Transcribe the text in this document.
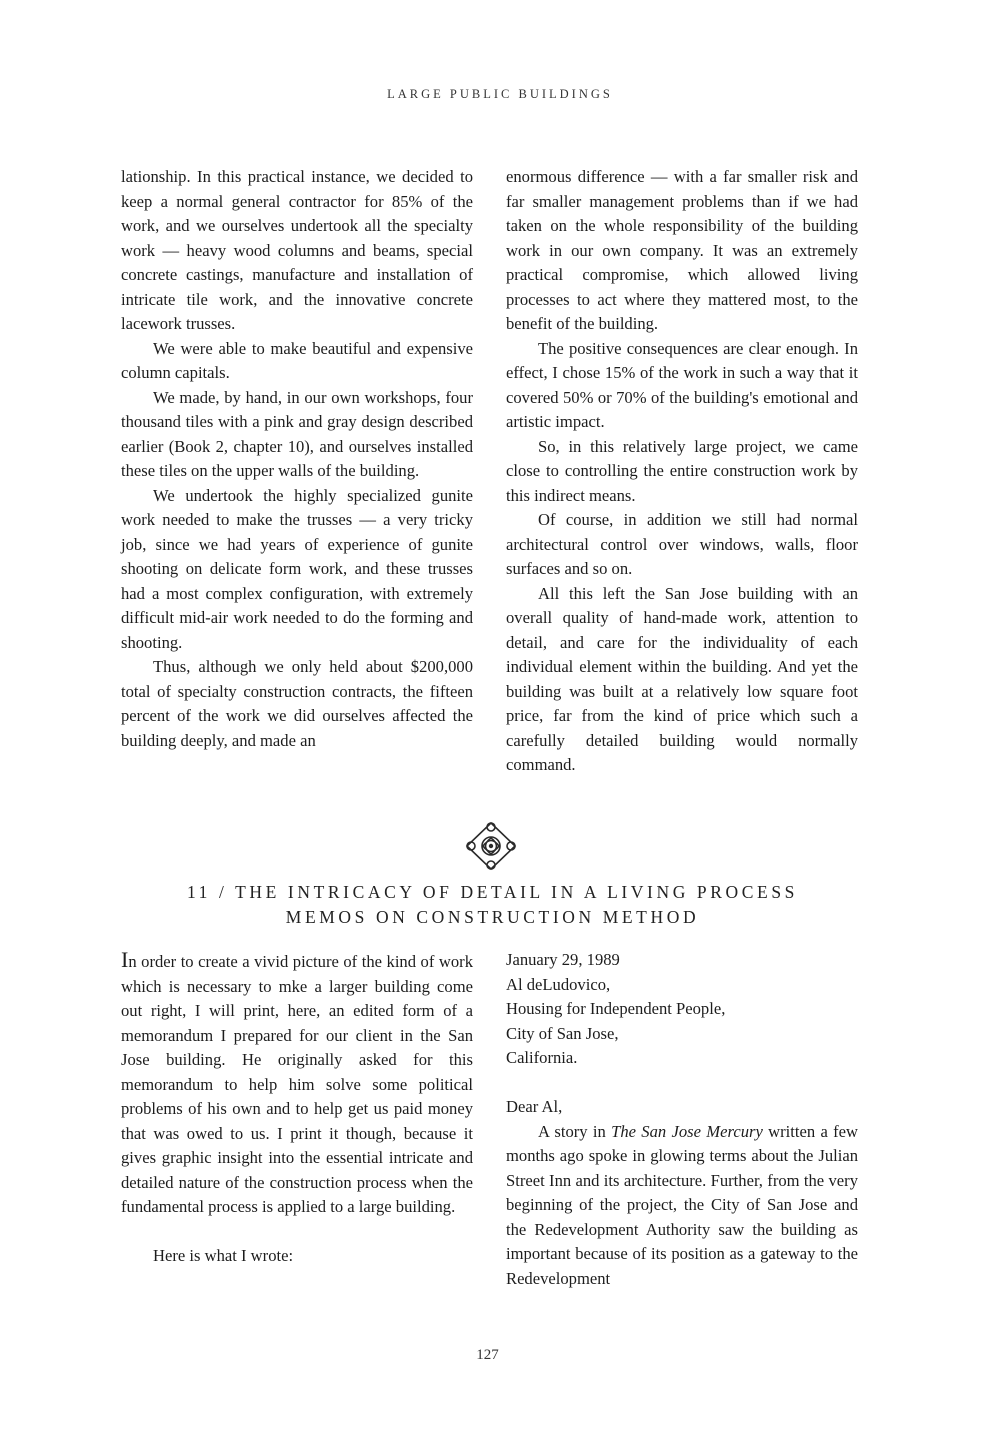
LARGE PUBLIC BUILDINGS

lationship. In this practical instance, we decided to keep a normal general contractor for 85% of the work, and we ourselves undertook all the specialty work — heavy wood columns and beams, special concrete castings, manufacture and installation of intricate tile work, and the innovative concrete lacework trusses.

We were able to make beautiful and expensive column capitals.

We made, by hand, in our own workshops, four thousand tiles with a pink and gray design described earlier (Book 2, chapter 10), and ourselves installed these tiles on the upper walls of the building.

We undertook the highly specialized gunite work needed to make the trusses — a very tricky job, since we had years of experience of gunite shooting on delicate form work, and these trusses had a most complex configuration, with extremely difficult mid-air work needed to do the forming and shooting.

Thus, although we only held about $200,000 total of specialty construction contracts, the fifteen percent of the work we did ourselves affected the building deeply, and made an

enormous difference — with a far smaller risk and far smaller management problems than if we had taken on the whole responsibility of the building work in our own company. It was an extremely practical compromise, which allowed living processes to act where they mattered most, to the benefit of the building.

The positive consequences are clear enough. In effect, I chose 15% of the work in such a way that it covered 50% or 70% of the building's emotional and artistic impact.

So, in this relatively large project, we came close to controlling the entire construction work by this indirect means.

Of course, in addition we still had normal architectural control over windows, walls, floor surfaces and so on.

All this left the San Jose building with an overall quality of hand-made work, attention to detail, and care for the individuality of each individual element within the building. And yet the building was built at a relatively low square foot price, far from the kind of price which such a carefully detailed building would normally command.

11 / THE INTRICACY OF DETAIL IN A LIVING PROCESS
MEMOS ON CONSTRUCTION METHOD

In order to create a vivid picture of the kind of work which is necessary to mke a larger building come out right, I will print, here, an edited form of a memorandum I prepared for our client in the San Jose building. He originally asked for this memorandum to help him solve some political problems of his own and to help get us paid money that was owed to us. I print it though, because it gives graphic insight into the essential intricate and detailed nature of the construction process when the fundamental process is applied to a large building.

Here is what I wrote:

January 29, 1989

Al deLudovico,

Housing for Independent People,

City of San Jose,

California.

Dear Al,

A story in The San Jose Mercury written a few months ago spoke in glowing terms about the Julian Street Inn and its architecture. Further, from the very beginning of the project, the City of San Jose and the Redevelopment Authority saw the building as important because of its position as a gateway to the Redevelopment

127
